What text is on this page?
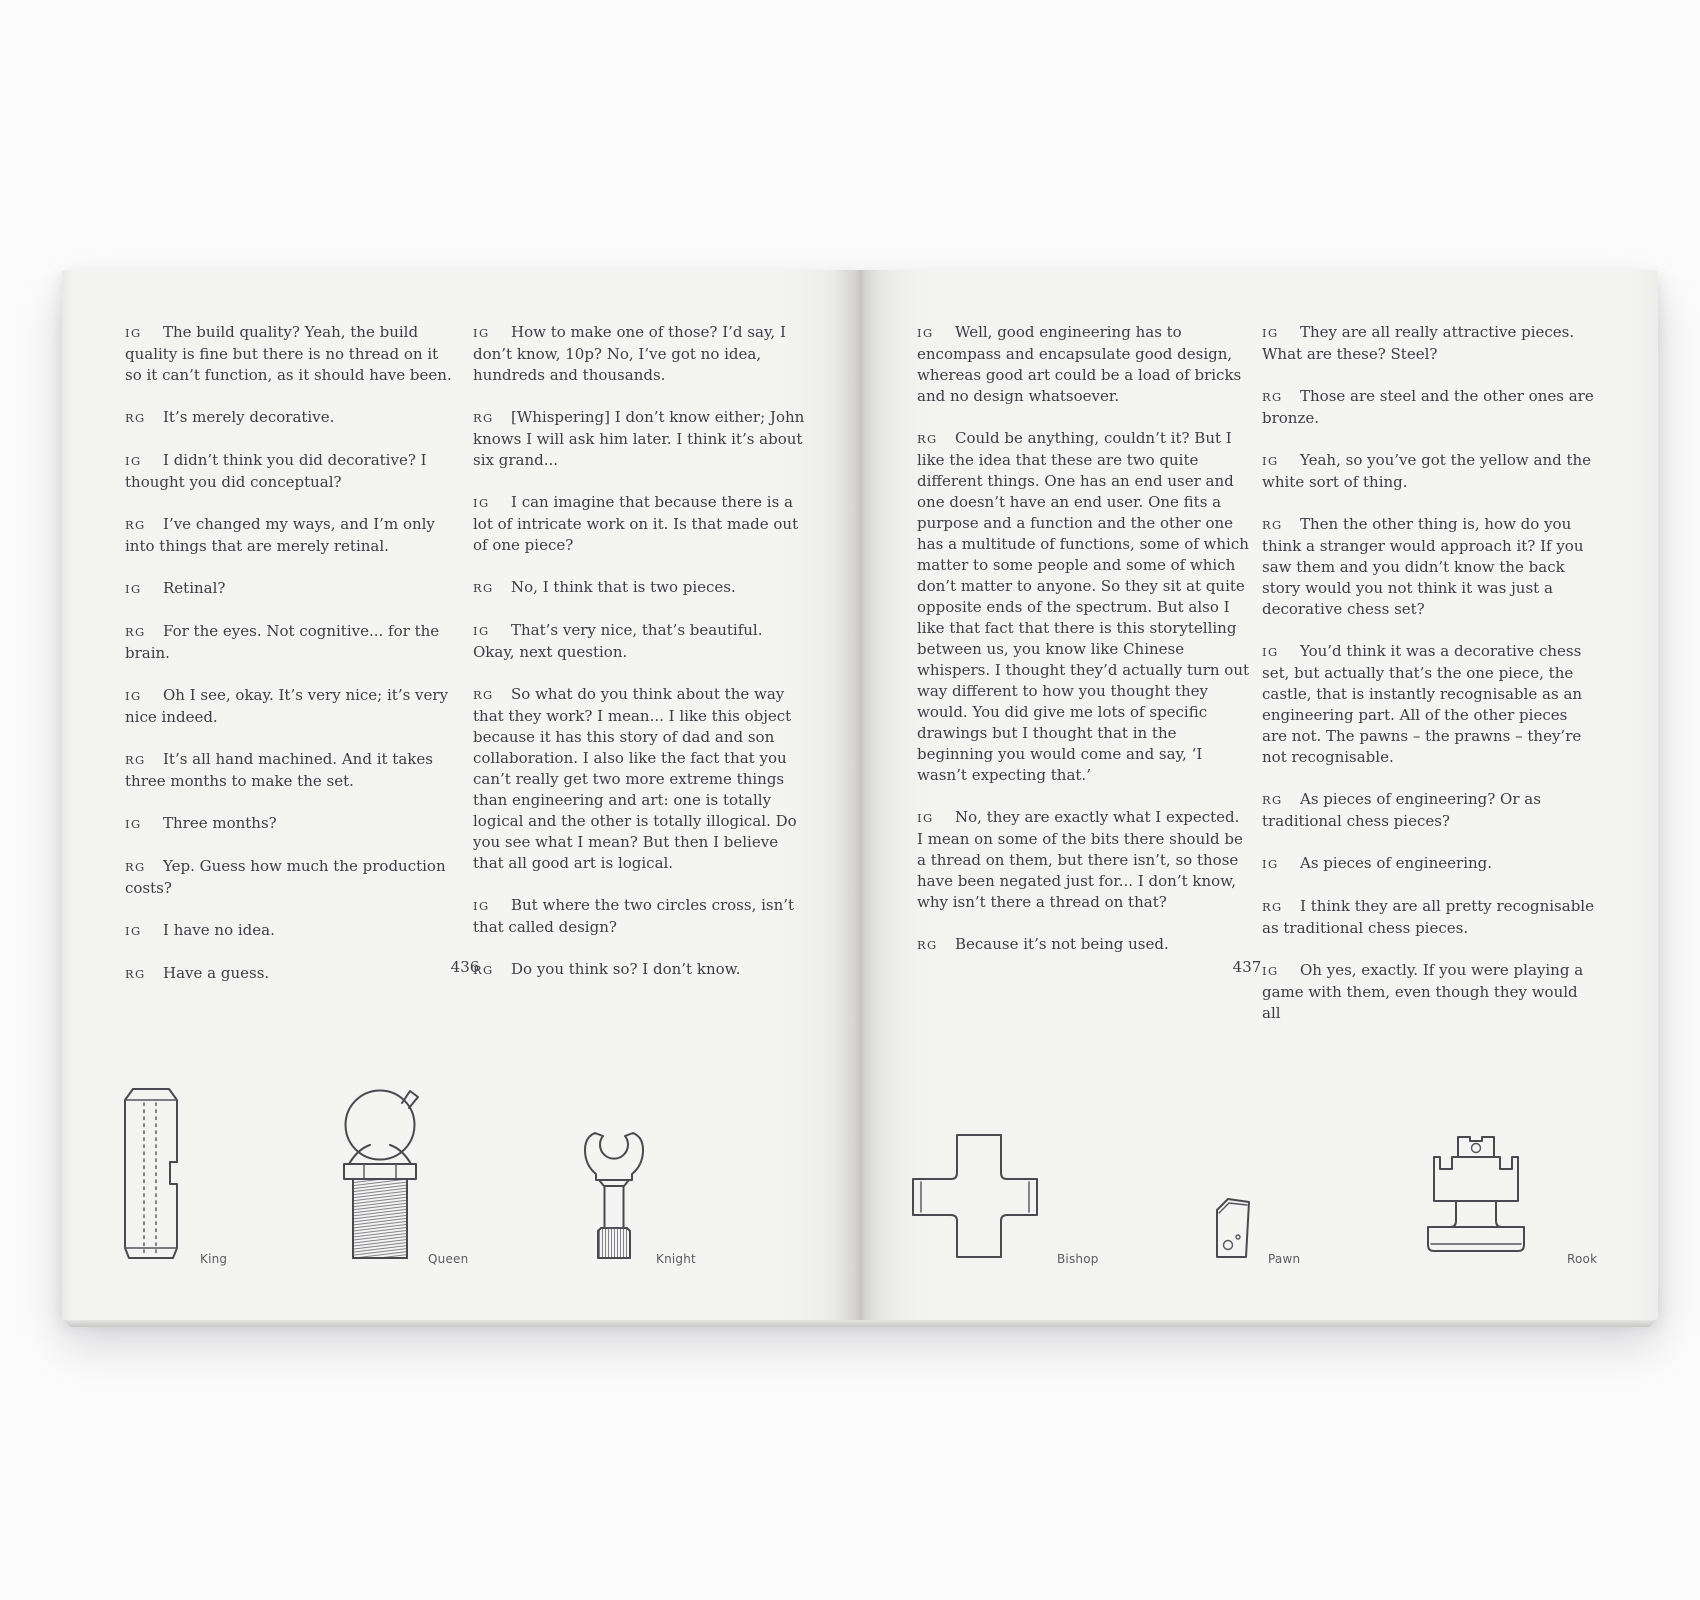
IG The build quality? Yeah, the build quality is fine but there is no thread on it so it can’t function, as it should have been.

RG It’s merely decorative.

IG I didn’t think you did decorative? I thought you did conceptual?

RG I’ve changed my ways, and I’m only into things that are merely retinal.

IG Retinal?

RG For the eyes. Not cognitive... for the brain.

IG Oh I see, okay. It’s very nice; it’s very nice indeed.

RG It’s all hand machined. And it takes three months to make the set.

IG Three months?

RG Yep. Guess how much the production costs?

IG I have no idea.

RG Have a guess.

IG How to make one of those? I’d say, I don’t know, 10p? No, I’ve got no idea, hundreds and thousands.

RG [Whispering] I don’t know either; John knows I will ask him later. I think it’s about six grand...

IG I can imagine that because there is a lot of intricate work on it. Is that made out of one piece?

RG No, I think that is two pieces.

IG That’s very nice, that’s beautiful. Okay, next question.

RG So what do you think about the way that they work? I mean... I like this object because it has this story of dad and son collaboration. I also like the fact that you can’t really get two more extreme things than engineering and art: one is totally logical and the other is totally illogical. Do you see what I mean? But then I believe that all good art is logical.

IG But where the two circles cross, isn’t that called design?

RG Do you think so? I don’t know.

436

IG Well, good engineering has to encompass and encapsulate good design, whereas good art could be a load of bricks and no design whatsoever.

RG Could be anything, couldn’t it? But I like the idea that these are two quite different things. One has an end user and one doesn’t have an end user. One fits a purpose and a function and the other one has a multitude of functions, some of which matter to some people and some of which don’t matter to anyone. So they sit at quite opposite ends of the spectrum. But also I like that fact that there is this storytelling between us, you know like Chinese whispers. I thought they’d actually turn out way different to how you thought they would. You did give me lots of specific drawings but I thought that in the beginning you would come and say, ‘I wasn’t expecting that.’

IG No, they are exactly what I expected. I mean on some of the bits there should be a thread on them, but there isn’t, so those have been negated just for... I don’t know, why isn’t there a thread on that?

RG Because it’s not being used.

IG They are all really attractive pieces. What are these? Steel?

RG Those are steel and the other ones are bronze.

IG Yeah, so you’ve got the yellow and the white sort of thing.

RG Then the other thing is, how do you think a stranger would approach it? If you saw them and you didn’t know the back story would you not think it was just a decorative chess set?

IG You’d think it was a decorative chess set, but actually that’s the one piece, the castle, that is instantly recognisable as an engineering part. All of the other pieces are not. The pawns – the prawns – they’re not recognisable.

RG As pieces of engineering? Or as traditional chess pieces?

IG As pieces of engineering.

RG I think they are all pretty recognisable as traditional chess pieces.

IG Oh yes, exactly. If you were playing a game with them, even though they would all

437
King	Queen	Knight	Bishop	Pawn	Rook
